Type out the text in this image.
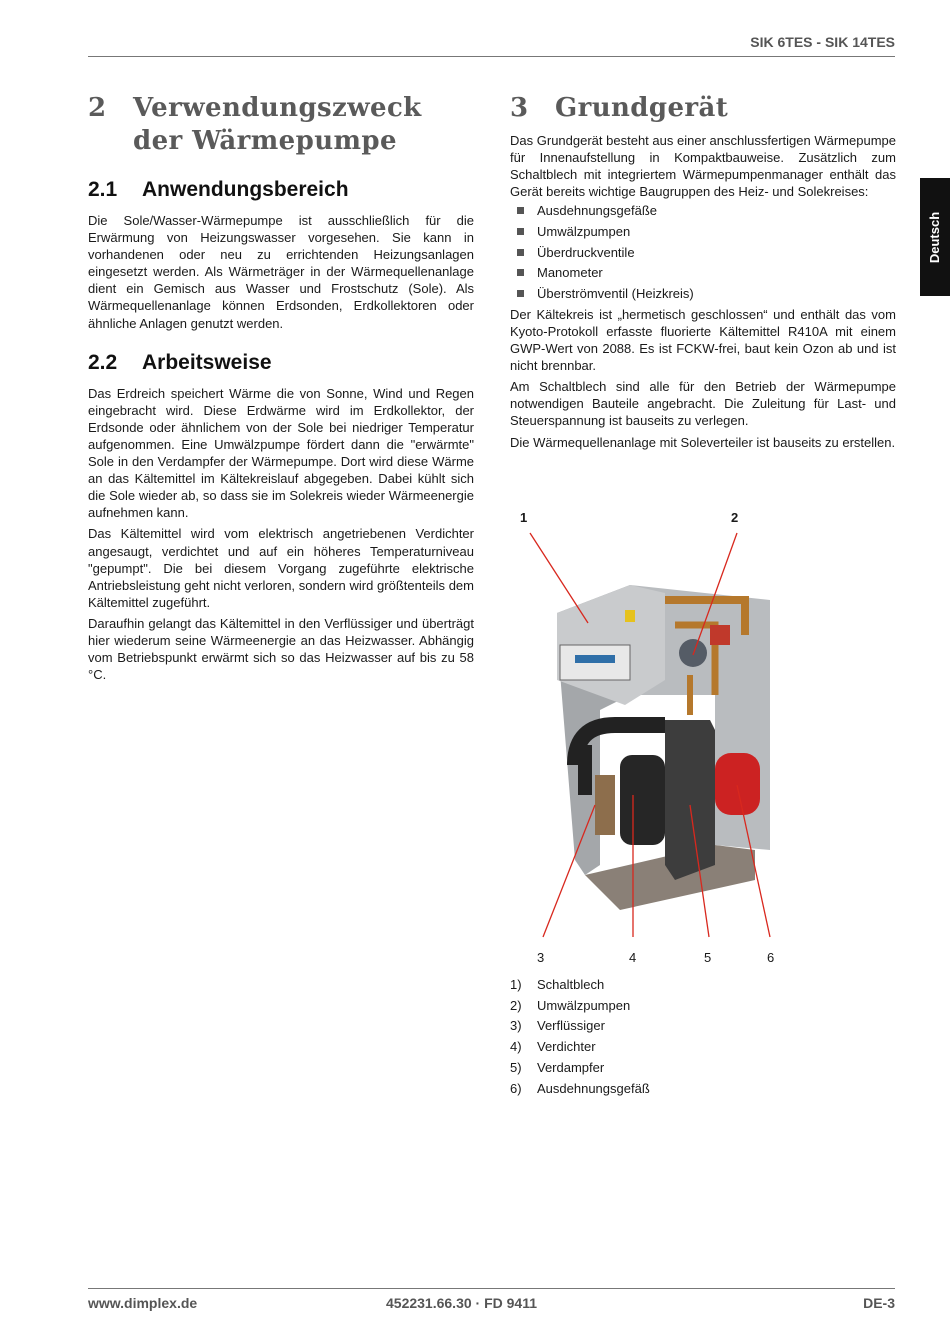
SIK 6TES - SIK 14TES
Deutsch
2	Verwendungszweck der Wärmepumpe
2.1	Anwendungsbereich

Die Sole/Wasser-Wärmepumpe ist ausschließlich für die Erwärmung von Heizungswasser vorgesehen. Sie kann in vorhandenen oder neu zu errichtenden Heizungsanlagen eingesetzt werden. Als Wärmeträger in der Wärmequellenanlage dient ein Gemisch aus Wasser und Frostschutz (Sole). Als Wärmequellenanlage können Erdsonden, Erdkollektoren oder ähnliche Anlagen genutzt werden.

2.2	Arbeitsweise

Das Erdreich speichert Wärme die von Sonne, Wind und Regen eingebracht wird. Diese Erdwärme wird im Erdkollektor, der Erdsonde oder ähnlichem von der Sole bei niedriger Temperatur aufgenommen. Eine Umwälzpumpe fördert dann die "erwärmte" Sole in den Verdampfer der Wärmepumpe. Dort wird diese Wärme an das Kältemittel im Kältekreislauf abgegeben. Dabei kühlt sich die Sole wieder ab, so dass sie im Solekreis wieder Wärmeenergie aufnehmen kann.

Das Kältemittel wird vom elektrisch angetriebenen Verdichter angesaugt, verdichtet und auf ein höheres Temperaturniveau "gepumpt". Die bei diesem Vorgang zugeführte elektrische Antriebsleistung geht nicht verloren, sondern wird größtenteils dem Kältemittel zugeführt.

Daraufhin gelangt das Kältemittel in den Verflüssiger und überträgt hier wiederum seine Wärmeenergie an das Heizwasser. Abhängig vom Betriebspunkt erwärmt sich so das Heizwasser auf bis zu 58 °C.

3	Grundgerät

Das Grundgerät besteht aus einer anschlussfertigen Wärmepumpe für Innenaufstellung in Kompaktbauweise. Zusätzlich zum Schaltblech mit integriertem Wärmepumpenmanager enthält das Gerät bereits wichtige Baugruppen des Heiz- und Solekreises:

Ausdehnungsgefäße
Umwälzpumpen
Überdruckventile
Manometer
Überströmventil (Heizkreis)

Der Kältekreis ist „hermetisch geschlossen“ und enthält das vom Kyoto-Protokoll erfasste fluorierte Kältemittel R410A mit einem GWP-Wert von 2088. Es ist FCKW-frei, baut kein Ozon ab und ist nicht brennbar.

Am Schaltblech sind alle für den Betrieb der Wärmepumpe notwendigen Bauteile angebracht. Die Zuleitung für Last- und Steuerspannung ist bauseits zu verlegen.

Die Wärmequellenanlage mit Soleverteiler ist bauseits zu erstellen.

1	2
3	4	5	6
1)	Schaltblech
2)	Umwälzpumpen
3)	Verflüssiger
4)	Verdichter
5)	Verdampfer
6)	Ausdehnungsgefäß
www.dimplex.de	452231.66.30 · FD 9411	DE-3
